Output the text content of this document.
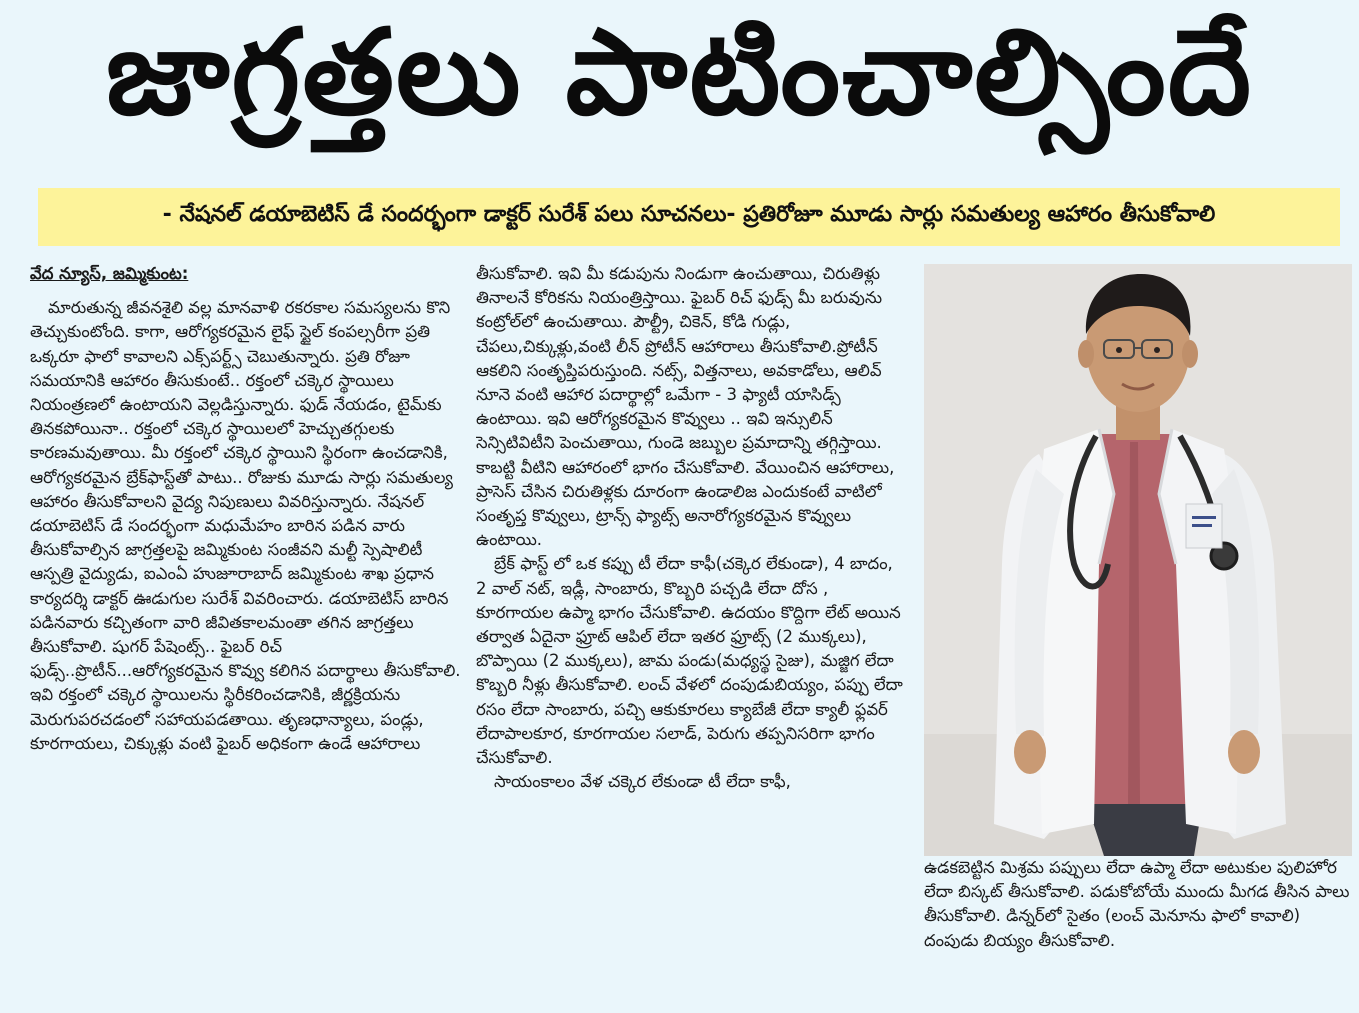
జాగ్రత్తలు పాటించాల్సిందే
- నేషనల్ డయాబెటిస్ డే సందర్భంగా డాక్టర్ సురేశ్ పలు సూచనలు- ప్రతిరోజూ మూడు సార్లు సమతుల్య ఆహారం తీసుకోవాలి
వేద న్యూస్, జమ్మికుంట:

మారుతున్న జీవనశైలి వల్ల మానవాళి రకరకాల సమస్యలను కొని తెచ్చుకుంటోంది. కాగా, ఆరోగ్యకరమైన లైఫ్ స్టైల్ కంపల్సరీగా ప్రతి ఒక్కరూ ఫాలో కావాలని ఎక్స్‌పర్ట్స్ చెబుతున్నారు. ప్రతి రోజూ సమయానికి ఆహారం తీసుకుంటే.. రక్తంలో చక్కెర స్థాయిలు నియంత్రణలో ఉంటాయని వెల్లడిస్తున్నారు. ఫుడ్ నేయడం, టైమ్‌కు తినకపోయినా.. రక్తంలో చక్కెర స్థాయిలలో హెచ్చుతగ్గులకు కారణమవుతాయి. మీ రక్తంలో చక్కెర స్థాయిని స్థిరంగా ఉంచడానికి, ఆరోగ్యకరమైన బ్రేక్‌ఫాస్ట్‌తో పాటు.. రోజుకు మూడు సార్లు సమతుల్య ఆహారం తీసుకోవాలని వైద్య నిపుణులు వివరిస్తున్నారు. నేషనల్ డయాబెటిస్ డే సందర్భంగా మధుమేహం బారిన పడిన వారు తీసుకోవాల్సిన జాగ్రత్తలపై జమ్మికుంట సంజీవని మల్టీ స్పెషాలిటీ ఆస్పత్రి వైద్యుడు, ఐఎంఏ హుజూరాబాద్ జమ్మికుంట శాఖ ప్రధాన కార్యదర్శి డాక్టర్ ఊడుగుల సురేశ్ వివరించారు. డయాబెటిస్ బారిన పడినవారు కచ్చితంగా వారి జీవితకాలమంతా తగిన జాగ్రత్తలు తీసుకోవాలి. షుగర్ పేషెంట్స్.. ఫైబర్ రిచ్ ఫుడ్స్..ప్రొటీన్...ఆరోగ్యకరమైన కొవ్వు కలిగిన పదార్థాలు తీసుకోవాలి. ఇవి రక్తంలో చక్కెర స్థాయిలను స్థిరీకరించడానికి, జీర్ణక్రియను మెరుగుపరచడంలో సహాయపడతాయి. తృణధాన్యాలు, పండ్లు, కూరగాయలు, చిక్కుళ్లు వంటి ఫైబర్ అధికంగా ఉండే ఆహారాలు

తీసుకోవాలి. ఇవి మీ కడుపును నిండుగా ఉంచుతాయి, చిరుతిళ్లు తినాలనే కోరికను నియంత్రిస్తాయి. ఫైబర్ రిచ్ ఫుడ్స్ మీ బరువును కంట్రోల్‌లో ఉంచుతాయి. పౌల్ట్రీ, చికెన్, కోడి గుడ్లు, చేపలు,చిక్కుళ్లు,వంటి లీన్ ప్రోటీన్ ఆహారాలు తీసుకోవాలి.ప్రోటీన్ ఆకలిని సంతృప్తిపరుస్తుంది. నట్స్, విత్తనాలు, అవకాడోలు, ఆలివ్ నూనె వంటి ఆహార పదార్థాల్లో ఒమేగా - 3 ఫ్యాటీ యాసిడ్స్ ఉంటాయి. ఇవి ఆరోగ్యకరమైన కొవ్వులు .. ఇవి ఇన్సులిన్ సెన్సిటివిటీని పెంచుతాయి, గుండె జబ్బుల ప్రమాదాన్ని తగ్గిస్తాయి. కాబట్టి వీటిని ఆహారంలో భాగం చేసుకోవాలి. వేయించిన ఆహారాలు, ప్రాసెస్ చేసిన చిరుతిళ్లకు దూరంగా ఉండాలిజ ఎందుకంటే వాటిలో సంతృప్త కొవ్వులు, ట్రాన్స్ ఫ్యాట్స్ అనారోగ్యకరమైన కొవ్వులు ఉంటాయి.

బ్రేక్ ఫాస్ట్ లో ఒక కప్పు టీ లేదా కాఫీ(చక్కెర లేకుండా), 4 బాదం, 2 వాల్ నట్, ఇడ్లీ, సాంబారు, కొబ్బరి పచ్చడి లేదా దోస , కూరగాయల ఉప్మా భాగం చేసుకోవాలి. ఉదయం కొద్దిగా లేట్ అయిన తర్వాత ఏదైనా ఫ్రూట్ ఆపిల్ లేదా ఇతర ఫ్రూట్స్ (2 ముక్కలు), బొప్పాయి (2 ముక్కలు), జామ పండు(మధ్యస్థ సైజు), మజ్జిగ లేదా కొబ్బరి నీళ్లు తీసుకోవాలి. లంచ్ వేళలో దంపుడుబియ్యం, పప్పు లేదా రసం లేదా సాంబారు, పచ్చి ఆకుకూరలు క్యాబేజీ లేదా క్యాలీ ఫ్లవర్ లేదాపాలకూర, కూరగాయల సలాడ్, పెరుగు తప్పనిసరిగా భాగం చేసుకోవాలి.

సాయంకాలం వేళ చక్కెర లేకుండా టీ లేదా కాఫీ,

ఉడకబెట్టిన మిశ్రమ పప్పులు లేదా ఉప్మా లేదా అటుకుల పులిహోర లేదా బిస్కట్ తీసుకోవాలి. పడుకోబోయే ముందు మీగడ తీసిన పాలు తీసుకోవాలి. డిన్నర్‌లో సైతం (లంచ్ మెనూను ఫాలో కావాలి) దంపుడు బియ్యం తీసుకోవాలి.
